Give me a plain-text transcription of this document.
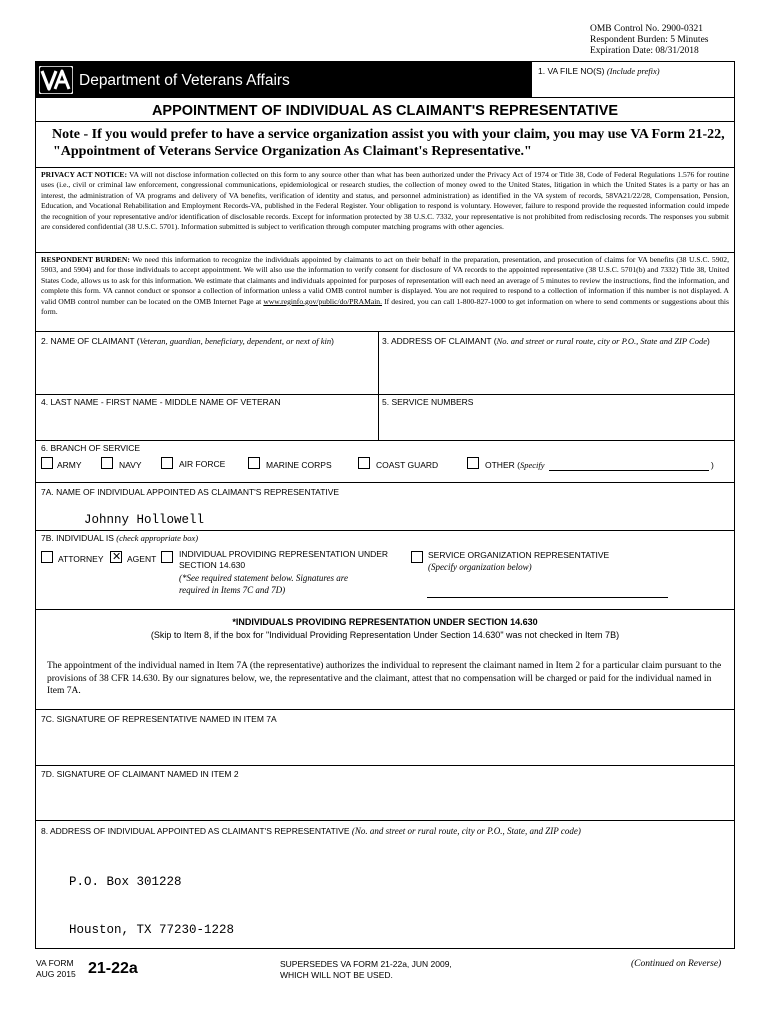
OMB Control No. 2900-0321
Respondent Burden: 5 Minutes
Expiration Date: 08/31/2018
Department of Veterans Affairs
1. VA FILE NO(S) (Include prefix)
APPOINTMENT OF INDIVIDUAL AS CLAIMANT'S REPRESENTATIVE
Note - If you would prefer to have a service organization assist you with your claim, you may use VA Form 21-22,
"Appointment of Veterans Service Organization As Claimant's Representative."
PRIVACY ACT NOTICE: VA will not disclose information collected on this form to any source other than what has been authorized under the Privacy Act of 1974 or Title 38, Code of Federal Regulations 1.576 for routine uses (i.e., civil or criminal law enforcement, congressional communications, epidemiological or research studies, the collection of money owed to the United States, litigation in which the United States is a party or has an interest, the administration of VA programs and delivery of VA benefits, verification of identity and status, and personnel administration) as identified in the VA system of records, 58VA21/22/28, Compensation, Pension, Education, and Vocational Rehabilitation and Employment Records-VA, published in the Federal Register. Your obligation to respond is voluntary. However, failure to respond provide the requested information could impede the recognition of your representative and/or identification of disclosable records. Except for information protected by 38 U.S.C. 7332, your representative is not prohibited from redisclosing records. The responses you submit are considered confidential (38 U.S.C. 5701). Information submitted is subject to verification through computer matching programs with other agencies.
RESPONDENT BURDEN: We need this information to recognize the individuals appointed by claimants to act on their behalf in the preparation, presentation, and prosecution of claims for VA benefits (38 U.S.C. 5902, 5903, and 5904) and for those individuals to accept appointment. We will also use the information to verify consent for disclosure of VA records to the appointed representative (38 U.S.C. 5701(b) and 7332) Title 38, United States Code, allows us to ask for this information. We estimate that claimants and individuals appointed for purposes of representation will each need an average of 5 minutes to review the instructions, find the information, and complete this form. VA cannot conduct or sponsor a collection of information unless a valid OMB control number is displayed. You are not required to respond to a collection of information if this number is not displayed. A valid OMB control number can be located on the OMB Internet Page at www.reginfo.gov/public/do/PRAMain. If desired, you can call 1-800-827-1000 to get information on where to send comments or suggestions about this form.
2. NAME OF CLAIMANT (Veteran, guardian, beneficiary, dependent, or next of kin)	3. ADDRESS OF CLAIMANT (No. and street or rural route, city or P.O., State and ZIP Code)
4. LAST NAME - FIRST NAME - MIDDLE NAME OF VETERAN	5. SERVICE NUMBERS
6. BRANCH OF SERVICE
ARMY	NAVY	AIR FORCE	MARINE CORPS	COAST GUARD	OTHER (Specify	)
7A. NAME OF INDIVIDUAL APPOINTED AS CLAIMANT'S REPRESENTATIVE
Johnny Hollowell
7B. INDIVIDUAL IS (check appropriate box)
ATTORNEY
✕	AGENT	INDIVIDUAL PROVIDING REPRESENTATION UNDER
SECTION 14.630
(*See required statement below. Signatures are
required in Items 7C and 7D)
SERVICE ORGANIZATION REPRESENTATIVE
(Specify organization below)
*INDIVIDUALS PROVIDING REPRESENTATION UNDER SECTION 14.630
(Skip to Item 8, if the box for "Individual Providing Representation Under Section 14.630" was not checked in Item 7B)
The appointment of the individual named in Item 7A (the representative) authorizes the individual to represent the claimant named in Item 2 for a particular claim pursuant to the provisions of 38 CFR 14.630. By our signatures below, we, the representative and the claimant, attest that no compensation will be charged or paid for the individual named in Item 7A.
7C. SIGNATURE OF REPRESENTATIVE NAMED IN ITEM 7A
7D. SIGNATURE OF CLAIMANT NAMED IN ITEM 2
8. ADDRESS OF INDIVIDUAL APPOINTED AS CLAIMANT'S REPRESENTATIVE (No. and street or rural route, city or P.O., State, and ZIP code)

P.O. Box 301228

Houston, TX 77230-1228

VA FORM
AUG 2015 21-22a	SUPERSEDES VA FORM 21-22a, JUN 2009,
WHICH WILL NOT BE USED.
(Continued on Reverse)
